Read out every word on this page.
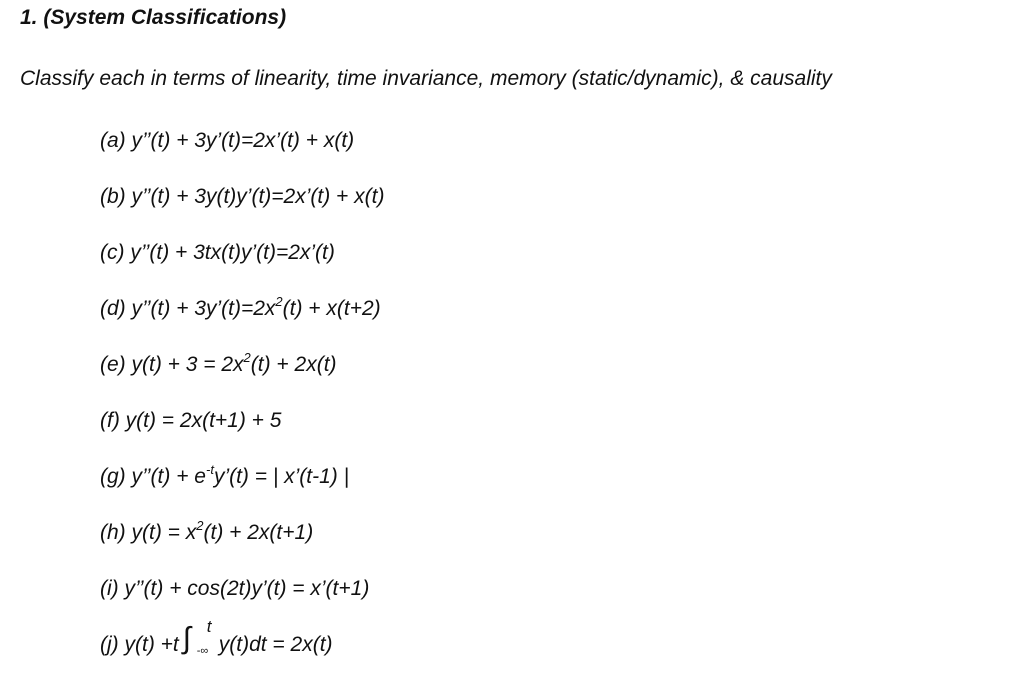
1. (System Classifications)
Classify each in terms of linearity, time invariance, memory (static/dynamic), & causality
(a) y’’(t) + 3y’(t)=2x’(t) + x(t)
(b) y’’(t) + 3y(t)y’(t)=2x’(t) + x(t)
(c) y’’(t) + 3tx(t)y’(t)=2x’(t)
(d) y’’(t) + $3y’(t)=2x^2(t) + x(t+2)$
(e) $y(t) + 3 = 2x^2(t) + 2x(t)$
(f) y(t) = 2x(t+1) + 5
(g) y’’(t) + $e^{-t}y’(t)$ = | x’(t-1) |
(h) $y(t) = x^2(t) + 2x(t+1)$
(i) y’’(t) + cos(2t)y’(t) = x’(t+1)
(j) y(t) +t ∫ t
-∞ y(t)dt = 2x(t)
